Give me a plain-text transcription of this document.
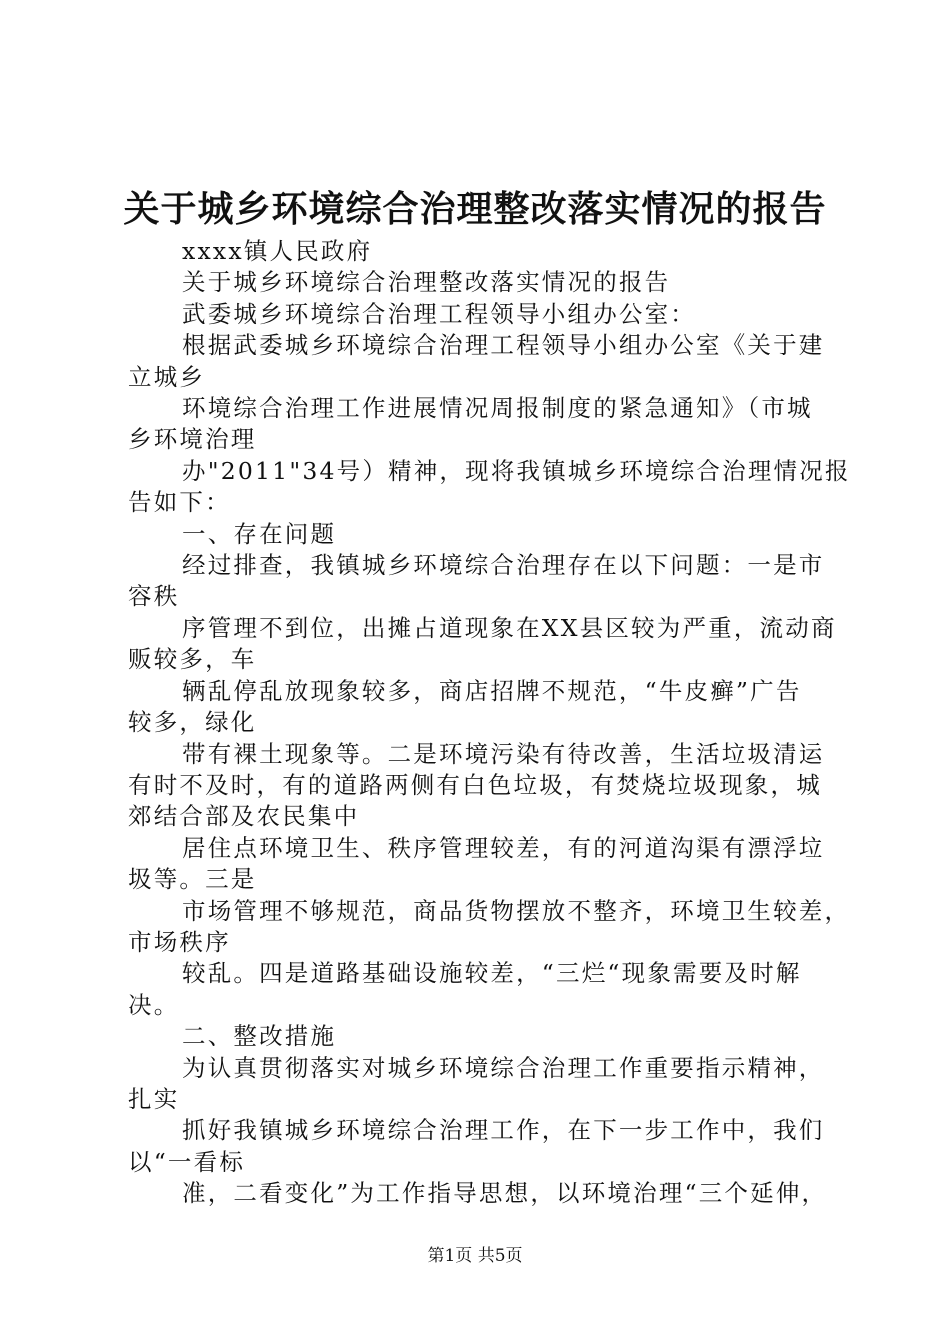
关于城乡环境综合治理整改落实情况的报告

xxxx镇人民政府

关于城乡环境综合治理整改落实情况的报告

武委城乡环境综合治理工程领导小组办公室：

根据武委城乡环境综合治理工程领导小组办公室《关于建

立城乡

环境综合治理工作进展情况周报制度的紧急通知》（市城

乡环境治理

办"2011"34号）精神，现将我镇城乡环境综合治理情况报

告如下：

一、存在问题

经过排查，我镇城乡环境综合治理存在以下问题：一是市

容秩

序管理不到位，出摊占道现象在XX县区较为严重，流动商

贩较多，车

辆乱停乱放现象较多，商店招牌不规范，“牛皮癣”广告

较多，绿化

带有裸土现象等。二是环境污染有待改善，生活垃圾清运

有时不及时，有的道路两侧有白色垃圾，有焚烧垃圾现象，城

郊结合部及农民集中

居住点环境卫生、秩序管理较差，有的河道沟渠有漂浮垃

圾等。三是

市场管理不够规范，商品货物摆放不整齐，环境卫生较差，

市场秩序

较乱。四是道路基础设施较差，“三烂“现象需要及时解

决。

二、整改措施

为认真贯彻落实对城乡环境综合治理工作重要指示精神，

扎实

抓好我镇城乡环境综合治理工作，在下一步工作中，我们

以“一看标

准，二看变化”为工作指导思想，以环境治理“三个延伸，

第1页 共5页
